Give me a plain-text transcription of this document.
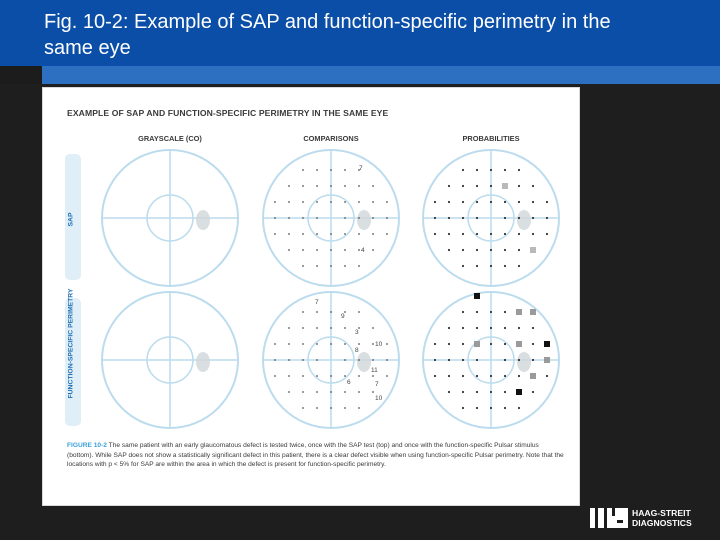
Fig. 10-2: Example of SAP and function-specific perimetry in the same eye

7
4
7
9
3
8
10
11
6	7
10
EXAMPLE OF SAP AND FUNCTION-SPECIFIC PERIMETRY IN THE SAME EYE
GRAYSCALE (CO)	COMPARISONS	PROBABILITIES
SAP
FUNCTION-SPECIFIC PERIMETRY
FIGURE 10-2 The same patient with an early glaucomatous defect is tested twice, once with the SAP test (top) and once with the function-specific Pulsar stimulus (bottom). While SAP does not show a statistically significant defect in this patient, there is a clear defect visible when using function-specific Pulsar perimetry. Note that the locations with p < 5% for SAP are within the area in which the defect is present for function-specific perimetry.
HAAG-STREIT
DIAGNOSTICS
